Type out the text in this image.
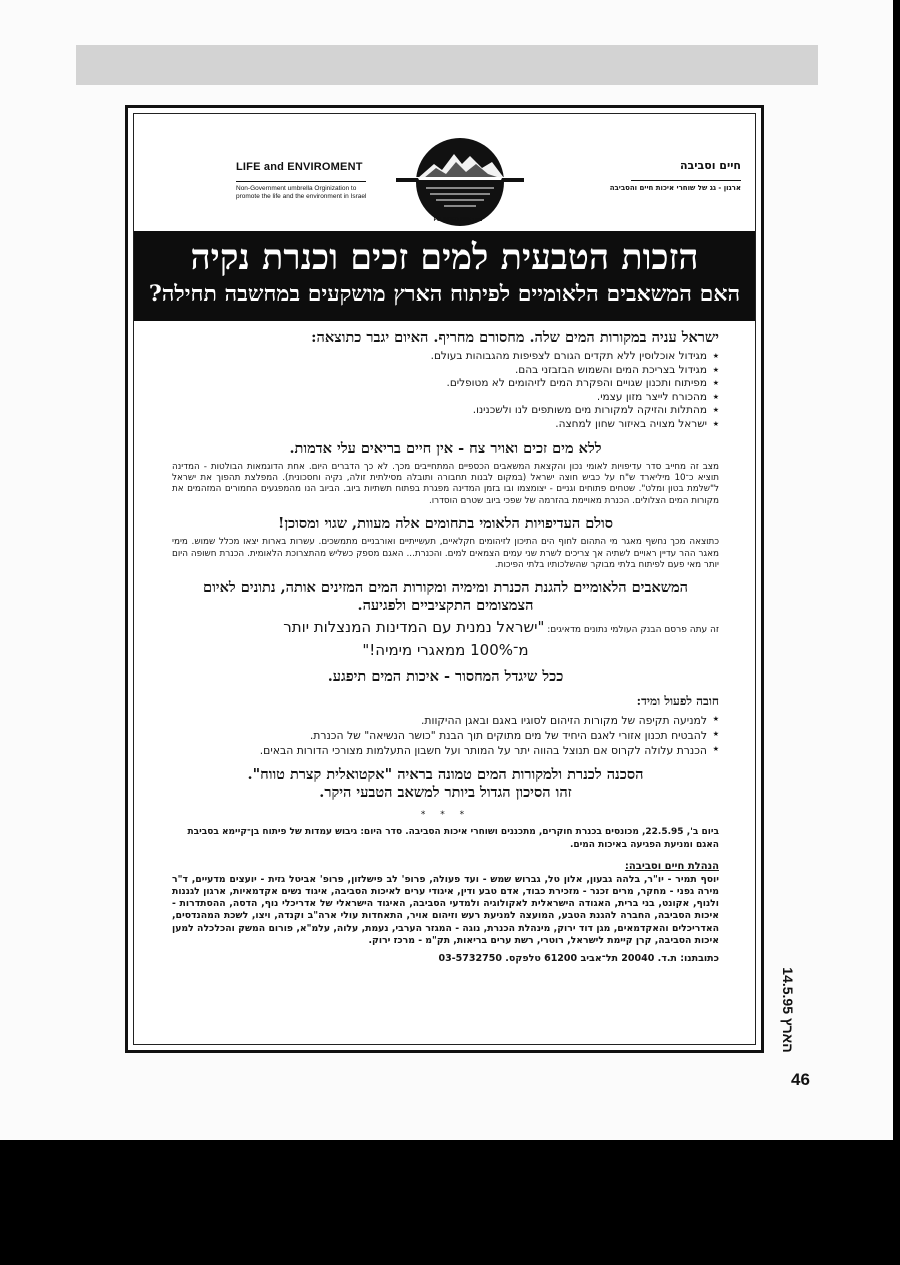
LIFE and ENVIROMENT
Non-Government umbrella Orginization to promote the life and the environment in Israel
FOUNDED 1975 נוסד
חיים וסביבה
ארגון - גג של שוחרי איכות חיים והסביבה
הזכות הטבעית למים זכים וכנרת נקיה
האם המשאבים הלאומיים לפיתוח הארץ מושקעים במחשבה תחילה?

ישראל עניה במקורות המים שלה. מחסורם מחריף. האיום יגבר כתוצאה:

★
מגידול אוכלוסין ללא תקדים הגורם לצפיפות מהגבוהות בעולם.
★
מגידול בצריכת המים והשמוש הבזבזני בהם.
★
מפיתוח ותכנון שגויים והפקרת המים לזיהומים לא מטופלים.
★
מהכורח לייצר מזון עצמי.
★
מהתלות והזיקה למקורות מים משותפים לנו ולשכנינו.
★
ישראל מצויה באיזור שחון למחצה.

ללא מים זכים ואויר צח - אין חיים בריאים עלי אדמות.

מצב זה מחייב סדר עדיפויות לאומי נכון והקצאת המשאבים הכספיים המתחייבים מכך. לא כך הדברים היום. אחת הדוגמאות הבולטות - המדינה תוציא כ־10 מיליארד ש"ח על כביש חוצה ישראל (במקום לבנות תחבורה ותובלה מסילתית זולה, נקיה וחסכונית). המפלצת תהפוך את ישראל ל"שלמת בטון ומלט". שטחים פתוחים וגניים - יצומצמו ובו בזמן המדינה מפגרת בפתוח תשתיות ביוב. הביוב הנו מהמפגעים החמורים המזהמים את מקורות המים הצלולים. הכנרת מאויימת בהזרמה של שפכי ביוב שטרם הוסדרו.

סולם העדיפויות הלאומי בתחומים אלה מעוות, שגוי ומסוכן!

כתוצאה מכך נחשף מאגר מי התהום לחוף הים התיכון לזיהומים חקלאיים, תעשייתיים ואורבניים מתמשכים. עשרות בארות יצאו מכלל שמוש. מימי מאגר ההר עדיין ראויים לשתיה אך צריכים לשרת שני עמים הצמאים למים. והכנרת... האגם מספק כשליש מהתצרוכת הלאומית. הכנרת חשופה היום יותר מאי פעם לפיתוח בלתי מבוקר שהשלכותיו בלתי הפיכות.

המשאבים הלאומיים להגנת הכנרת ומימיה ומקורות המים המזינים אותה, נתונים לאיום הצמצומים התקציביים ולפגיעה.

זה עתה פרסם הבנק העולמי נתונים מדאיגים: "ישראל נמנית עם המדינות המנצלות יותר

מ־100% ממאגרי מימיה!"

ככל שיגדל המחסור - איכות המים תיפגע.

חובה לפעול ומיד:

★
למניעה תקיפה של מקורות הזיהום לסוגיו באגם ובאגן ההיקוות.
★
להבטיח תכנון אזורי לאגם היחיד של מים מתוקים תוך הבנת "כושר הנשיאה" של הכנרת.
★
הכנרת עלולה לקרוס אם תנוצל בהווה יתר על המותר ועל חשבון התעלמות מצורכי הדורות הבאים.

הסכנה לכנרת ולמקורות המים טמונה בראיה "אקטואלית קצרת טווח".

זהו הסיכון הגדול ביותר למשאב הטבעי היקר.

* * *

ביום ב', 22.5.95, מכונסים בכנרת חוקרים, מתכננים ושוחרי איכות הסביבה. סדר היום: גיבוש עמדות של פיתוח בן־קיימא בסביבת האגם ומניעת הפגיעה באיכות המים.

הנהלת חיים וסביבה:

יוסף תמיר - יו"ר, בלהה גבעון, אלון טל, גברוש שמש - ועד פעולה, פרופ' לב פישלזון, פרופ' אביטל גזית - יועצים מדעיים, ד"ר מירה גפני - מחקר, מרים זכנר - מזכירת כבוד, אדם טבע ודין, איגודי ערים לאיכות הסביבה, איגוד נשים אקדמאיות, ארגון לגננות ולנוף, אקונט, בני ברית, האגודה הישראלית לאקולוגיה ולמדעי הסביבה, האיגוד הישראלי של אדריכלי נוף, הדסה, ההסתדרות - איכות הסביבה, החברה להגנת הטבע, המועצה למניעת רעש וזיהום אויר, התאחדות עולי ארה"ב וקנדה, ויצו, לשכת המהנדסים, האדריכלים והאקדמאים, מגן דוד ירוק, מינהלת הכנרת, נוגה - המגזר הערבי, נעמת, עלוה, עלמ"א, פורום המשק והכלכלה למען איכות הסביבה, קרן קיימת לישראל, רוטרי, רשת ערים בריאות, תק"מ - מרכז ירוק.

כתובתנו: ת.ד. 20040 תל־אביב 61200 טלפקס. 03-5732750

הארץ 14.5.95
46
